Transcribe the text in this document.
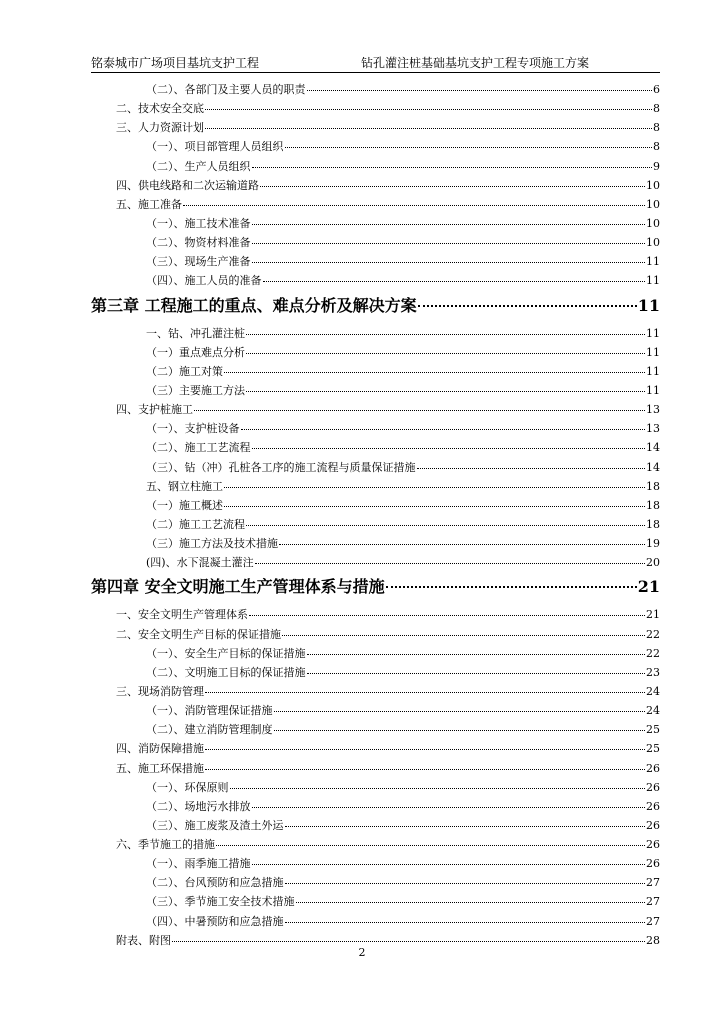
铭泰城市广场项目基坑支护工程	钻孔灌注桩基础基坑支护工程专项施工方案
（二）、各部门及主要人员的职责	6
二、技术安全交底	8
三、人力资源计划	8
（一）、项目部管理人员组织	8
（二）、生产人员组织	9
四、供电线路和二次运输道路	10
五、施工准备	10
（一）、施工技术准备	10
（二）、物资材料准备	10
（三）、现场生产准备	11
（四）、施工人员的准备	11
第三章 工程施工的重点、难点分析及解决方案	11
一、钻、冲孔灌注桩	11
（一）重点难点分析	11
（二）施工对策	11
（三）主要施工方法	11
四、支护桩施工	13
（一）、支护桩设备	13
（二）、施工工艺流程	14
（三）、钻（冲）孔桩各工序的施工流程与质量保证措施	14
五、钢立柱施工	18
（一）施工概述	18
（二）施工工艺流程	18
（三）施工方法及技术措施	19
(四)、水下混凝土灌注	20
第四章 安全文明施工生产管理体系与措施	21
一、安全文明生产管理体系	21
二、安全文明生产目标的保证措施	22
（一）、安全生产目标的保证措施	22
（二）、文明施工目标的保证措施	23
三、现场消防管理	24
（一）、消防管理保证措施	24
（二）、建立消防管理制度	25
四、消防保障措施	25
五、施工环保措施	26
（一）、环保原则	26
（二）、场地污水排放	26
（三）、施工废浆及渣土外运	26
六、季节施工的措施	26
（一）、雨季施工措施	26
（二）、台风预防和应急措施	27
（三）、季节施工安全技术措施	27
（四）、中暑预防和应急措施	27
附表、附图	28
2
